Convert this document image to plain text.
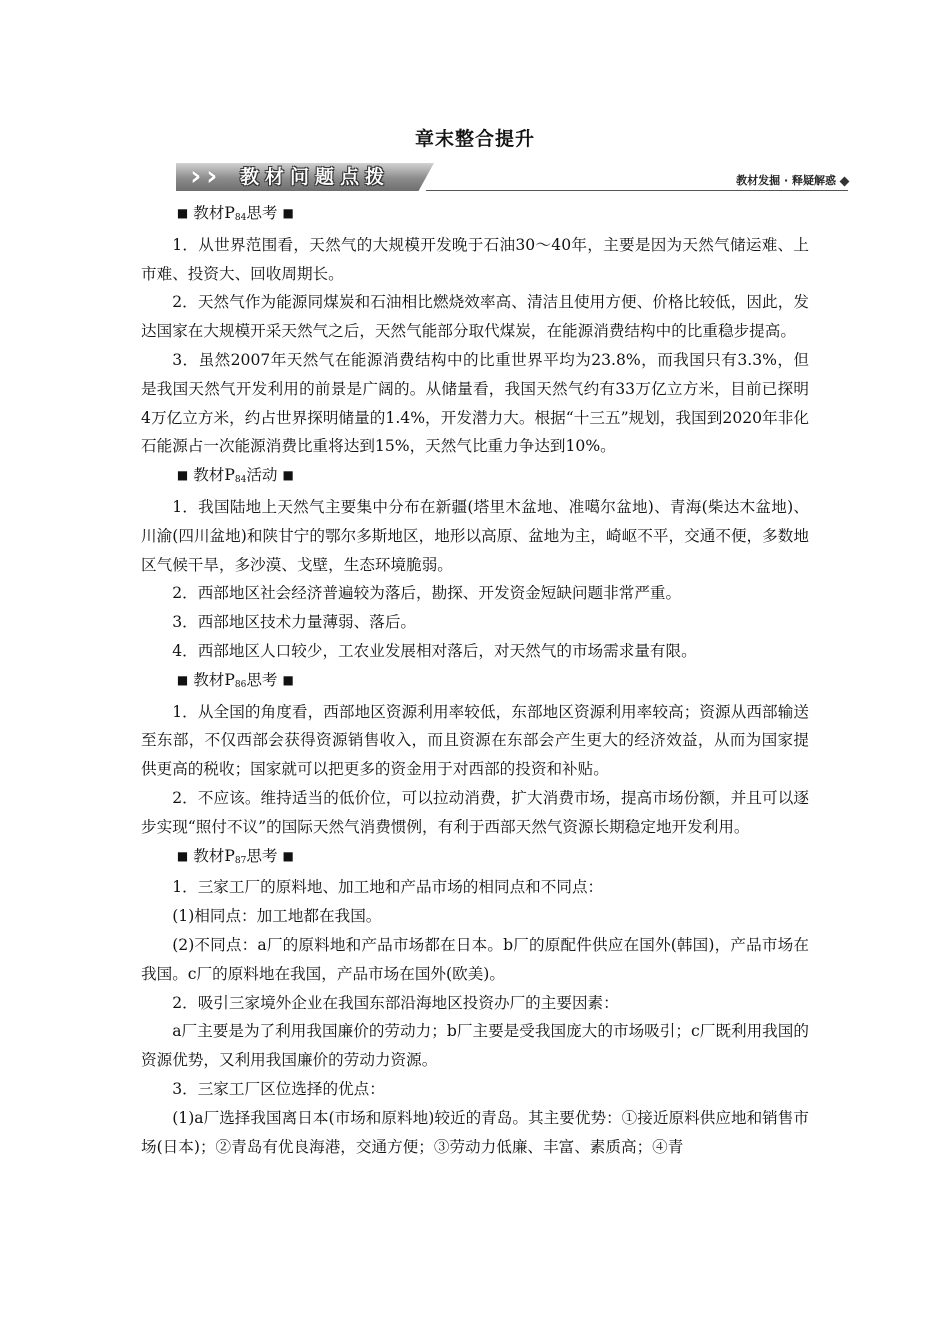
章末整合提升
› › 教材问题点拨	教材发掘 · 释疑解惑

■ 教材$P_{84}$思考 ■

1．从世界范围看，天然气的大规模开发晚于石油30～40年，主要是因为天然气储运难、上市难、投资大、回收周期长。

2．天然气作为能源同煤炭和石油相比燃烧效率高、清洁且使用方便、价格比较低，因此，发达国家在大规模开采天然气之后，天然气能部分取代煤炭，在能源消费结构中的比重稳步提高。

3．虽然2007年天然气在能源消费结构中的比重世界平均为23.8%，而我国只有3.3%，但是我国天然气开发利用的前景是广阔的。从储量看，我国天然气约有33万亿立方米，目前已探明4万亿立方米，约占世界探明储量的1.4%，开发潜力大。根据“十三五”规划，我国到2020年非化石能源占一次能源消费比重将达到15%，天然气比重力争达到10%。

■ 教材$P_{84}$活动 ■

1．我国陆地上天然气主要集中分布在新疆(塔里木盆地、准噶尔盆地)、青海(柴达木盆地)、川渝(四川盆地)和陕甘宁的鄂尔多斯地区，地形以高原、盆地为主，崎岖不平，交通不便，多数地区气候干旱，多沙漠、戈壁，生态环境脆弱。

2．西部地区社会经济普遍较为落后，勘探、开发资金短缺问题非常严重。

3．西部地区技术力量薄弱、落后。

4．西部地区人口较少，工农业发展相对落后，对天然气的市场需求量有限。

■ 教材$P_{86}$思考 ■

1．从全国的角度看，西部地区资源利用率较低，东部地区资源利用率较高；资源从西部输送至东部，不仅西部会获得资源销售收入，而且资源在东部会产生更大的经济效益，从而为国家提供更高的税收；国家就可以把更多的资金用于对西部的投资和补贴。

2．不应该。维持适当的低价位，可以拉动消费，扩大消费市场，提高市场份额，并且可以逐步实现“照付不议”的国际天然气消费惯例，有利于西部天然气资源长期稳定地开发利用。

■ 教材$P_{87}$思考 ■

1．三家工厂的原料地、加工地和产品市场的相同点和不同点：

(1)相同点：加工地都在我国。

(2)不同点：a厂的原料地和产品市场都在日本。b厂的原配件供应在国外(韩国)，产品市场在我国。c厂的原料地在我国，产品市场在国外(欧美)。

2．吸引三家境外企业在我国东部沿海地区投资办厂的主要因素：

a厂主要是为了利用我国廉价的劳动力；b厂主要是受我国庞大的市场吸引；c厂既利用我国的资源优势，又利用我国廉价的劳动力资源。

3．三家工厂区位选择的优点：

(1)a厂选择我国离日本(市场和原料地)较近的青岛。其主要优势：①接近原料供应地和销售市场(日本)；②青岛有优良海港，交通方便；③劳动力低廉、丰富、素质高；④青
